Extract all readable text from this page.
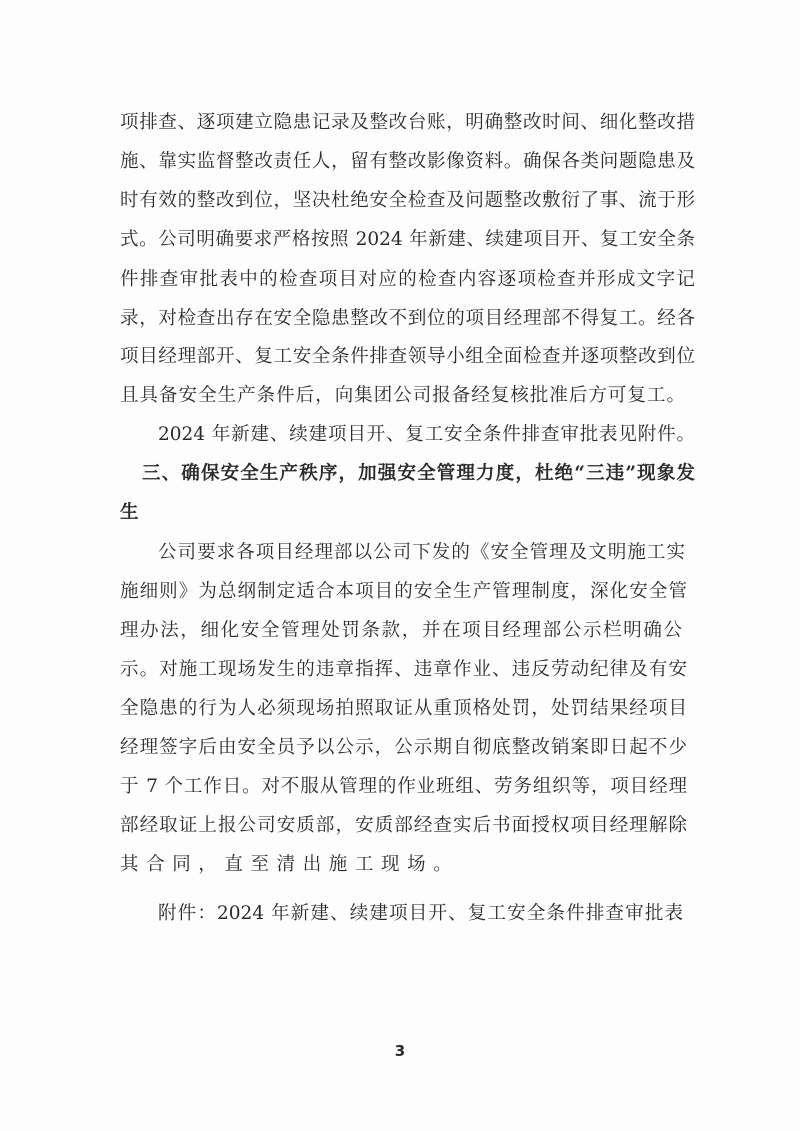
项排查、逐项建立隐患记录及整改台账，明确整改时间、细化整改措
施、靠实监督整改责任人，留有整改影像资料。确保各类问题隐患及
时有效的整改到位，坚决杜绝安全检查及问题整改敷衍了事、流于形
式。公司明确要求严格按照 2024 年新建、续建项目开、复工安全条
件排查审批表中的检查项目对应的检查内容逐项检查并形成文字记
录，对检查出存在安全隐患整改不到位的项目经理部不得复工。经各
项目经理部开、复工安全条件排查领导小组全面检查并逐项整改到位
且具备安全生产条件后，向集团公司报备经复核批准后方可复工。
2024 年新建、续建项目开、复工安全条件排查审批表见附件。
三、确保安全生产秩序，加强安全管理力度，杜绝“三违”现象发
生
公司要求各项目经理部以公司下发的《安全管理及文明施工实
施细则》为总纲制定适合本项目的安全生产管理制度，深化安全管
理办法，细化安全管理处罚条款，并在项目经理部公示栏明确公
示。对施工现场发生的违章指挥、违章作业、违反劳动纪律及有安
全隐患的行为人必须现场拍照取证从重顶格处罚，处罚结果经项目
经理签字后由安全员予以公示，公示期自彻底整改销案即日起不少
于 7 个工作日。对不服从管理的作业班组、劳务组织等，项目经理
部经取证上报公司安质部，安质部经查实后书面授权项目经理解除
其合同，直至清出施工现场。
附件：2024 年新建、续建项目开、复工安全条件排查审批表
3
